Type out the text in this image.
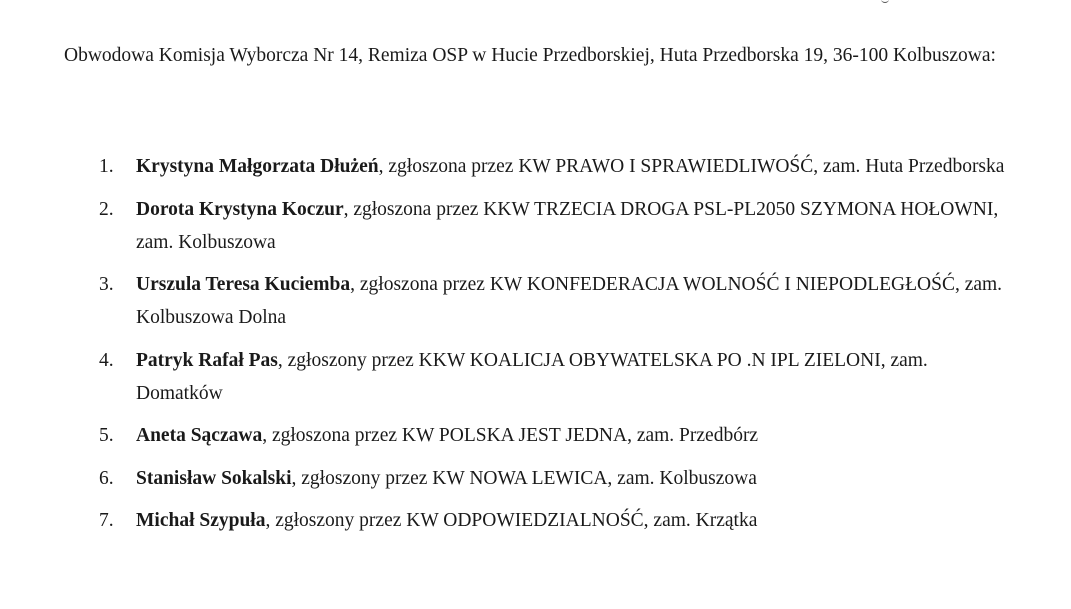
Obwodowa Komisja Wyborcza Nr 14, Remiza OSP w Hucie Przedborskiej, Huta Przedborska 19, 36-100 Kolbuszowa:

1. Krystyna Małgorzata Dłużeń, zgłoszona przez KW PRAWO I SPRAWIEDLIWOŚĆ, zam. Huta Przedborska
2. Dorota Krystyna Koczur, zgłoszona przez KKW TRZECIA DROGA PSL-PL2050 SZYMONA HOŁOWNI, zam. Kolbuszowa
3. Urszula Teresa Kuciemba, zgłoszona przez KW KONFEDERACJA WOLNOŚĆ I NIEPODLEGŁOŚĆ, zam. Kolbuszowa Dolna
4. Patryk Rafał Pas, zgłoszony przez KKW KOALICJA OBYWATELSKA PO .N IPL ZIELONI, zam. Domatków
5. Aneta Sączawa, zgłoszona przez KW POLSKA JEST JEDNA, zam. Przedbórz
6. Stanisław Sokalski, zgłoszony przez KW NOWA LEWICA, zam. Kolbuszowa
7. Michał Szypuła, zgłoszony przez KW ODPOWIEDZIALNOŚĆ, zam. Krzątka
